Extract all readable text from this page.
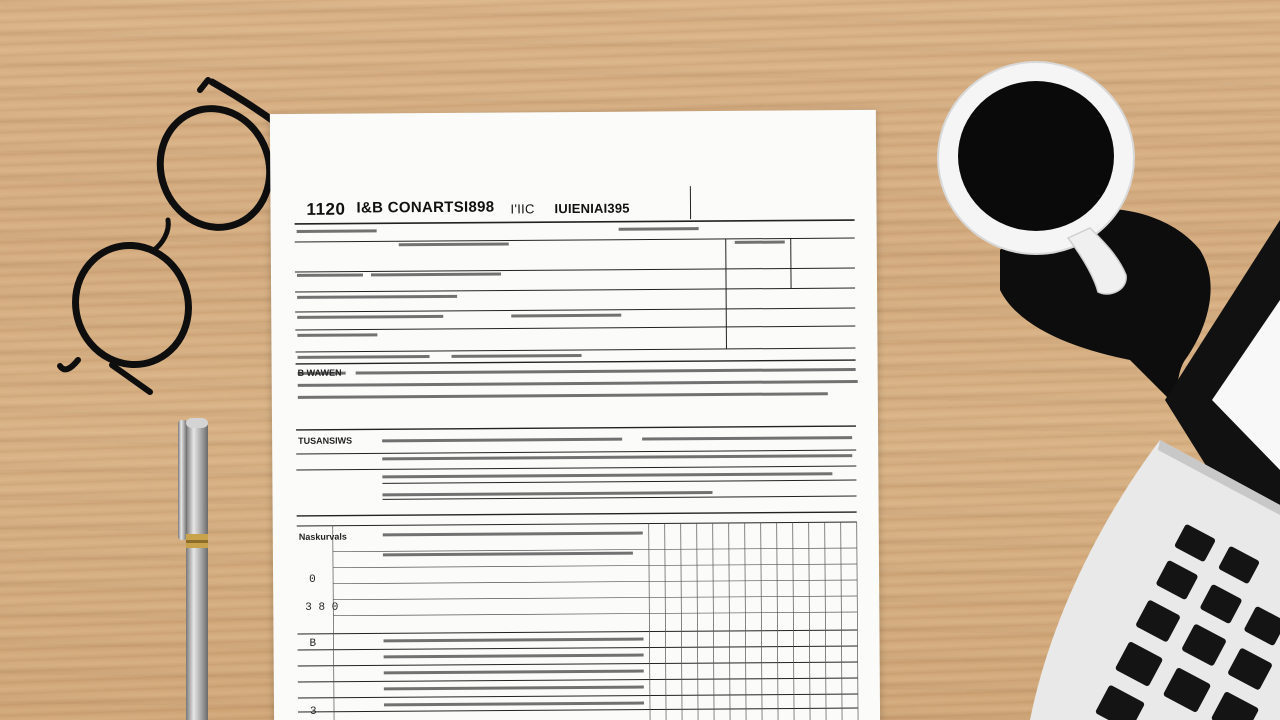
1120 I&B CONARTSI898 I'IIC IUIENIAI395
B WAWEN
TUSANSIWS
Naskurvals
0
3 8 0
B
3
